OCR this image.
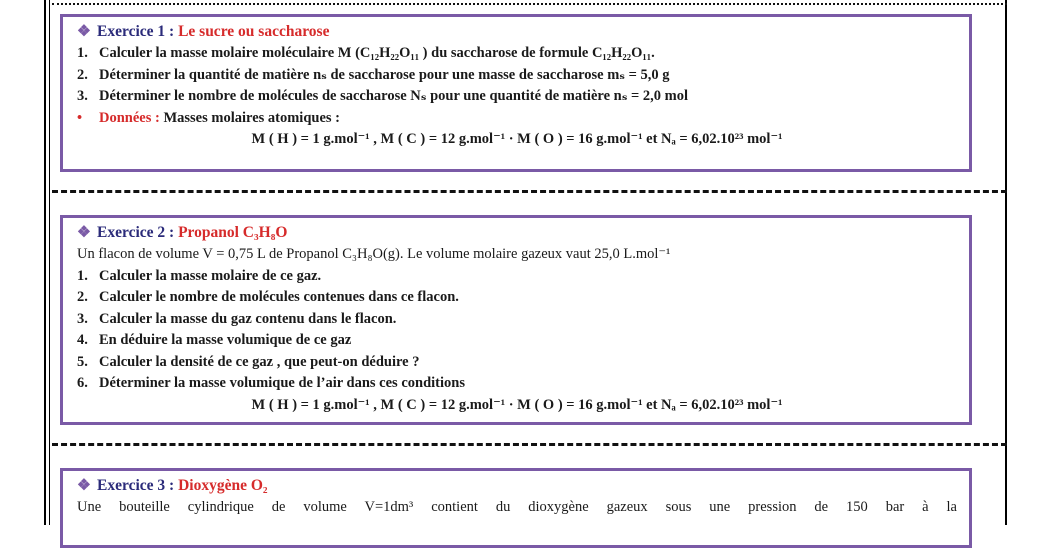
❖ Exercice 1 : Le sucre ou saccharose
1. Calculer la masse molaire moléculaire M (C₁₂H₂₂O₁₁ ) du saccharose de formule C₁₂H₂₂O₁₁.
2. Déterminer la quantité de matière nₛ de saccharose pour une masse de saccharose mₛ = 5,0 g
3. Déterminer le nombre de molécules de saccharose Nₛ pour une quantité de matière nₛ = 2,0 mol
• Données : Masses molaires atomiques :
M ( H ) = 1 g.mol⁻¹ , M ( C ) = 12 g.mol⁻¹ · M ( O ) = 16 g.mol⁻¹ et Nₐ = 6,02.10²³ mol⁻¹
❖ Exercice 2 : Propanol C₃H₈O
Un flacon de volume V = 0,75 L de Propanol C₃H₈O(g). Le volume molaire gazeux vaut 25,0 L.mol⁻¹
1. Calculer la masse molaire de ce gaz.
2. Calculer le nombre de molécules contenues dans ce flacon.
3. Calculer la masse du gaz contenu dans le flacon.
4. En déduire la masse volumique de ce gaz
5. Calculer la densité de ce gaz , que peut-on déduire ?
6. Déterminer la masse volumique de l’air dans ces conditions
M ( H ) = 1 g.mol⁻¹ , M ( C ) = 12 g.mol⁻¹ · M ( O ) = 16 g.mol⁻¹ et Nₐ = 6,02.10²³ mol⁻¹
❖ Exercice 3 : Dioxygène O₂
Une bouteille cylindrique de volume V=1dm³ contient du dioxygène gazeux sous une pression de 150 bar à la
